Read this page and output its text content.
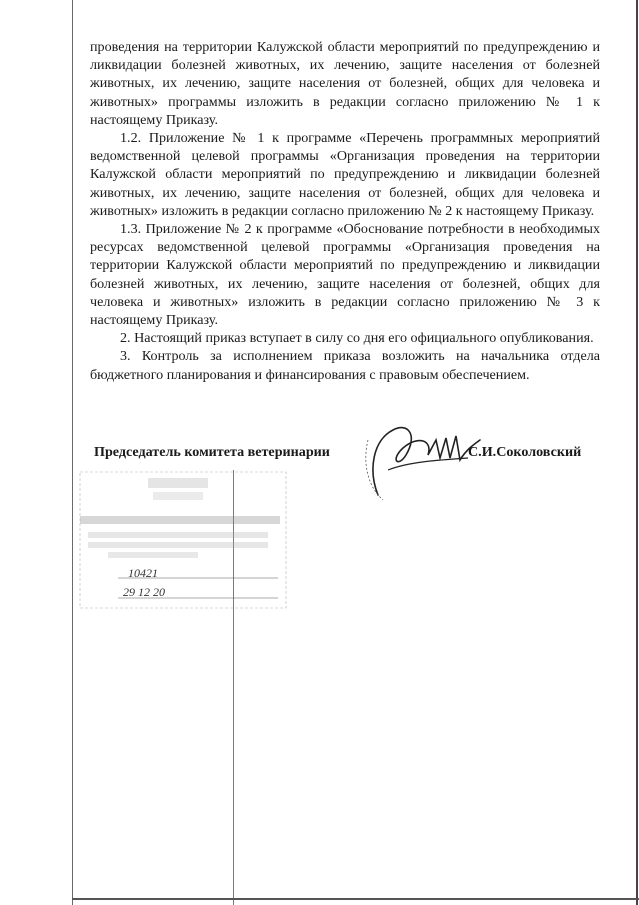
проведения на территории Калужской области мероприятий по предупреждению и ликвидации болезней животных, их лечению, защите населения от болезней животных, их лечению, защите населения от болезней, общих для человека и животных» программы изложить в редакции согласно приложению № 1 к настоящему Приказу.

1.2. Приложение № 1 к программе «Перечень программных мероприятий ведомственной целевой программы «Организация проведения на территории Калужской области мероприятий по предупреждению и ликвидации болезней животных, их лечению, защите населения от болезней, общих для человека и животных» изложить в редакции согласно приложению № 2 к настоящему Приказу.

1.3. Приложение № 2 к программе «Обоснование потребности в необходимых ресурсах ведомственной целевой программы «Организация проведения на территории Калужской области мероприятий по предупреждению и ликвидации болезней животных, их лечению, защите населения от болезней, общих для человека и животных» изложить в редакции согласно приложению № 3 к настоящему Приказу.

2. Настоящий приказ вступает в силу со дня его официального опубликования.

3. Контроль за исполнением приказа возложить на начальника отдела бюджетного планирования и финансирования с правовым обеспечением.

Председатель комитета ветеринарии	С.И.Соколовский
10421
29 12 20
